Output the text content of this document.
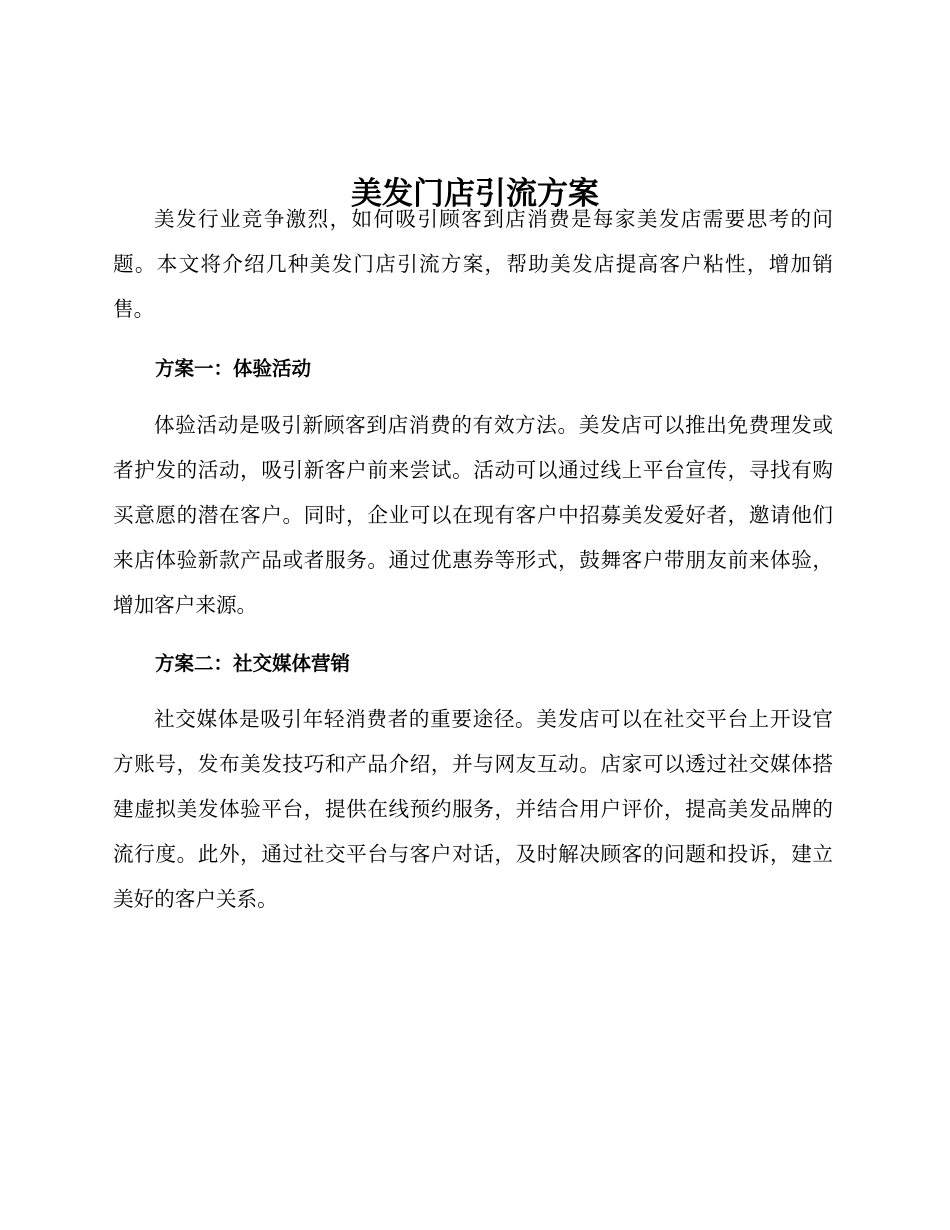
美发门店引流方案

美发行业竞争激烈，如何吸引顾客到店消费是每家美发店需要思考的问题。本文将介绍几种美发门店引流方案，帮助美发店提高客户粘性，增加销售。

方案一：体验活动

体验活动是吸引新顾客到店消费的有效方法。美发店可以推出免费理发或者护发的活动，吸引新客户前来尝试。活动可以通过线上平台宣传，寻找有购买意愿的潜在客户。同时，企业可以在现有客户中招募美发爱好者，邀请他们来店体验新款产品或者服务。通过优惠券等形式，鼓舞客户带朋友前来体验，增加客户来源。

方案二：社交媒体营销

社交媒体是吸引年轻消费者的重要途径。美发店可以在社交平台上开设官方账号，发布美发技巧和产品介绍，并与网友互动。店家可以透过社交媒体搭建虚拟美发体验平台，提供在线预约服务，并结合用户评价，提高美发品牌的流行度。此外，通过社交平台与客户对话，及时解决顾客的问题和投诉，建立美好的客户关系。
